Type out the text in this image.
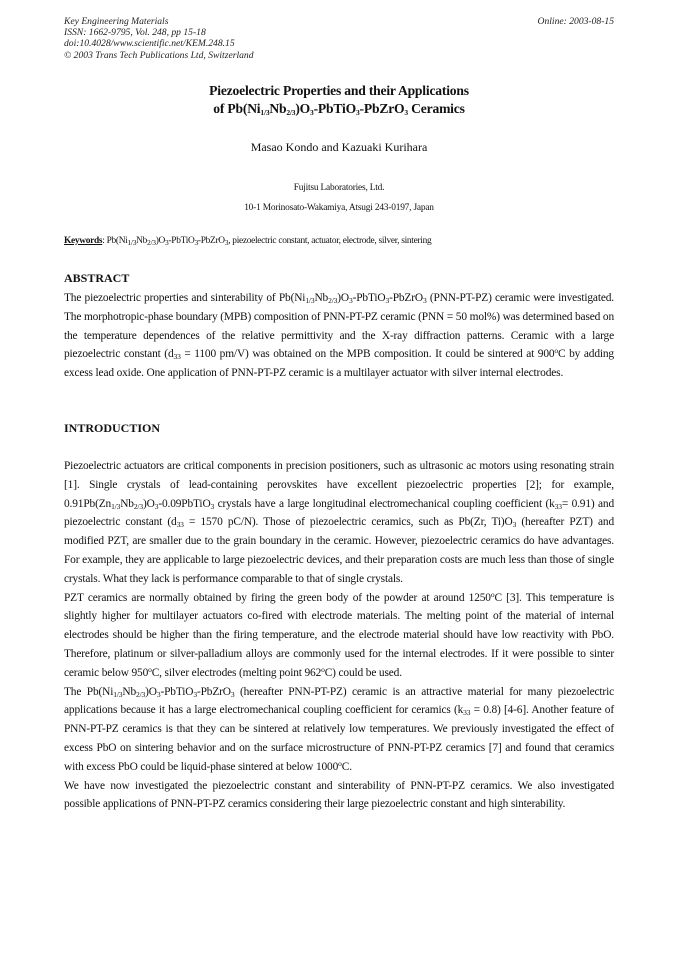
Key Engineering Materials
ISSN: 1662-9795, Vol. 248, pp 15-18
doi:10.4028/www.scientific.net/KEM.248.15
© 2003 Trans Tech Publications Ltd, Switzerland
Online: 2003-08-15
Piezoelectric Properties and their Applications
of $Pb(Ni_{1/3}Nb_{2/3})O_3-PbTiO_3-PbZrO_3$ Ceramics
Masao Kondo and Kazuaki Kurihara
Fujitsu Laboratories, Ltd.
10-1 Morinosato-Wakamiya, Atsugi 243-0197, Japan
Keywords: $Pb(Ni_{1/3}Nb_{2/3})O_3-PbTiO_3-PbZrO_3$, piezoelectric constant, actuator, electrode, silver, sintering
ABSTRACT

The piezoelectric properties and sinterability of $Pb(Ni_{1/3}Nb_{2/3})O_3-PbTiO_3-PbZrO_3$ (PNN-PT-PZ) ceramic were investigated. The morphotropic-phase boundary (MPB) composition of PNN-PT-PZ ceramic (PNN = 50 mol%) was determined based on the temperature dependences of the relative permittivity and the X-ray diffraction patterns. Ceramic with a large piezoelectric constant ($d_{33} = 1100$ pm/V) was obtained on the MPB composition. It could be sintered at 900$^o$C by adding excess lead oxide. One application of PNN-PT-PZ ceramic is a multilayer actuator with silver internal electrodes.

INTRODUCTION

Piezoelectric actuators are critical components in precision positioners, such as ultrasonic ac motors using resonating strain [1]. Single crystals of lead-containing perovskites have excellent piezoelectric properties [2]; for example, $0.91Pb(Zn_{1/3}Nb_{2/3})O_3-0.09PbTiO_3$ crystals have a large longitudinal electromechanical coupling coefficient $(k_{33}= 0.91)$ and piezoelectric constant ($d_{33} = 1570$ pC/N). Those of piezoelectric ceramics, such as Pb(Zr, $Ti)O_3$ (hereafter PZT) and modified PZT, are smaller due to the grain boundary in the ceramic. However, piezoelectric ceramics do have advantages. For example, they are applicable to large piezoelectric devices, and their preparation costs are much less than those of single crystals. What they lack is performance comparable to that of single crystals.

PZT ceramics are normally obtained by firing the green body of the powder at around 1250$^o$C [3]. This temperature is slightly higher for multilayer actuators co-fired with electrode materials. The melting point of the material of internal electrodes should be higher than the firing temperature, and the electrode material should have low reactivity with PbO. Therefore, platinum or silver-palladium alloys are commonly used for the internal electrodes. If it were possible to sinter ceramic below 950$^o$C, silver electrodes (melting point 962$^o$C) could be used.

The $Pb(Ni_{1/3}Nb_{2/3})O_3-PbTiO_3-PbZrO_3$ (hereafter PNN-PT-PZ) ceramic is an attractive material for many piezoelectric applications because it has a large electromechanical coupling coefficient for ceramics $(k_{33} = 0.8)$ [4-6]. Another feature of PNN-PT-PZ ceramics is that they can be sintered at relatively low temperatures. We previously investigated the effect of excess PbO on sintering behavior and on the surface microstructure of PNN-PT-PZ ceramics [7] and found that ceramics with excess PbO could be liquid-phase sintered at below 1000$^o$C.

We have now investigated the piezoelectric constant and sinterability of PNN-PT-PZ ceramics. We also investigated possible applications of PNN-PT-PZ ceramics considering their large piezoelectric constant and high sinterability.
